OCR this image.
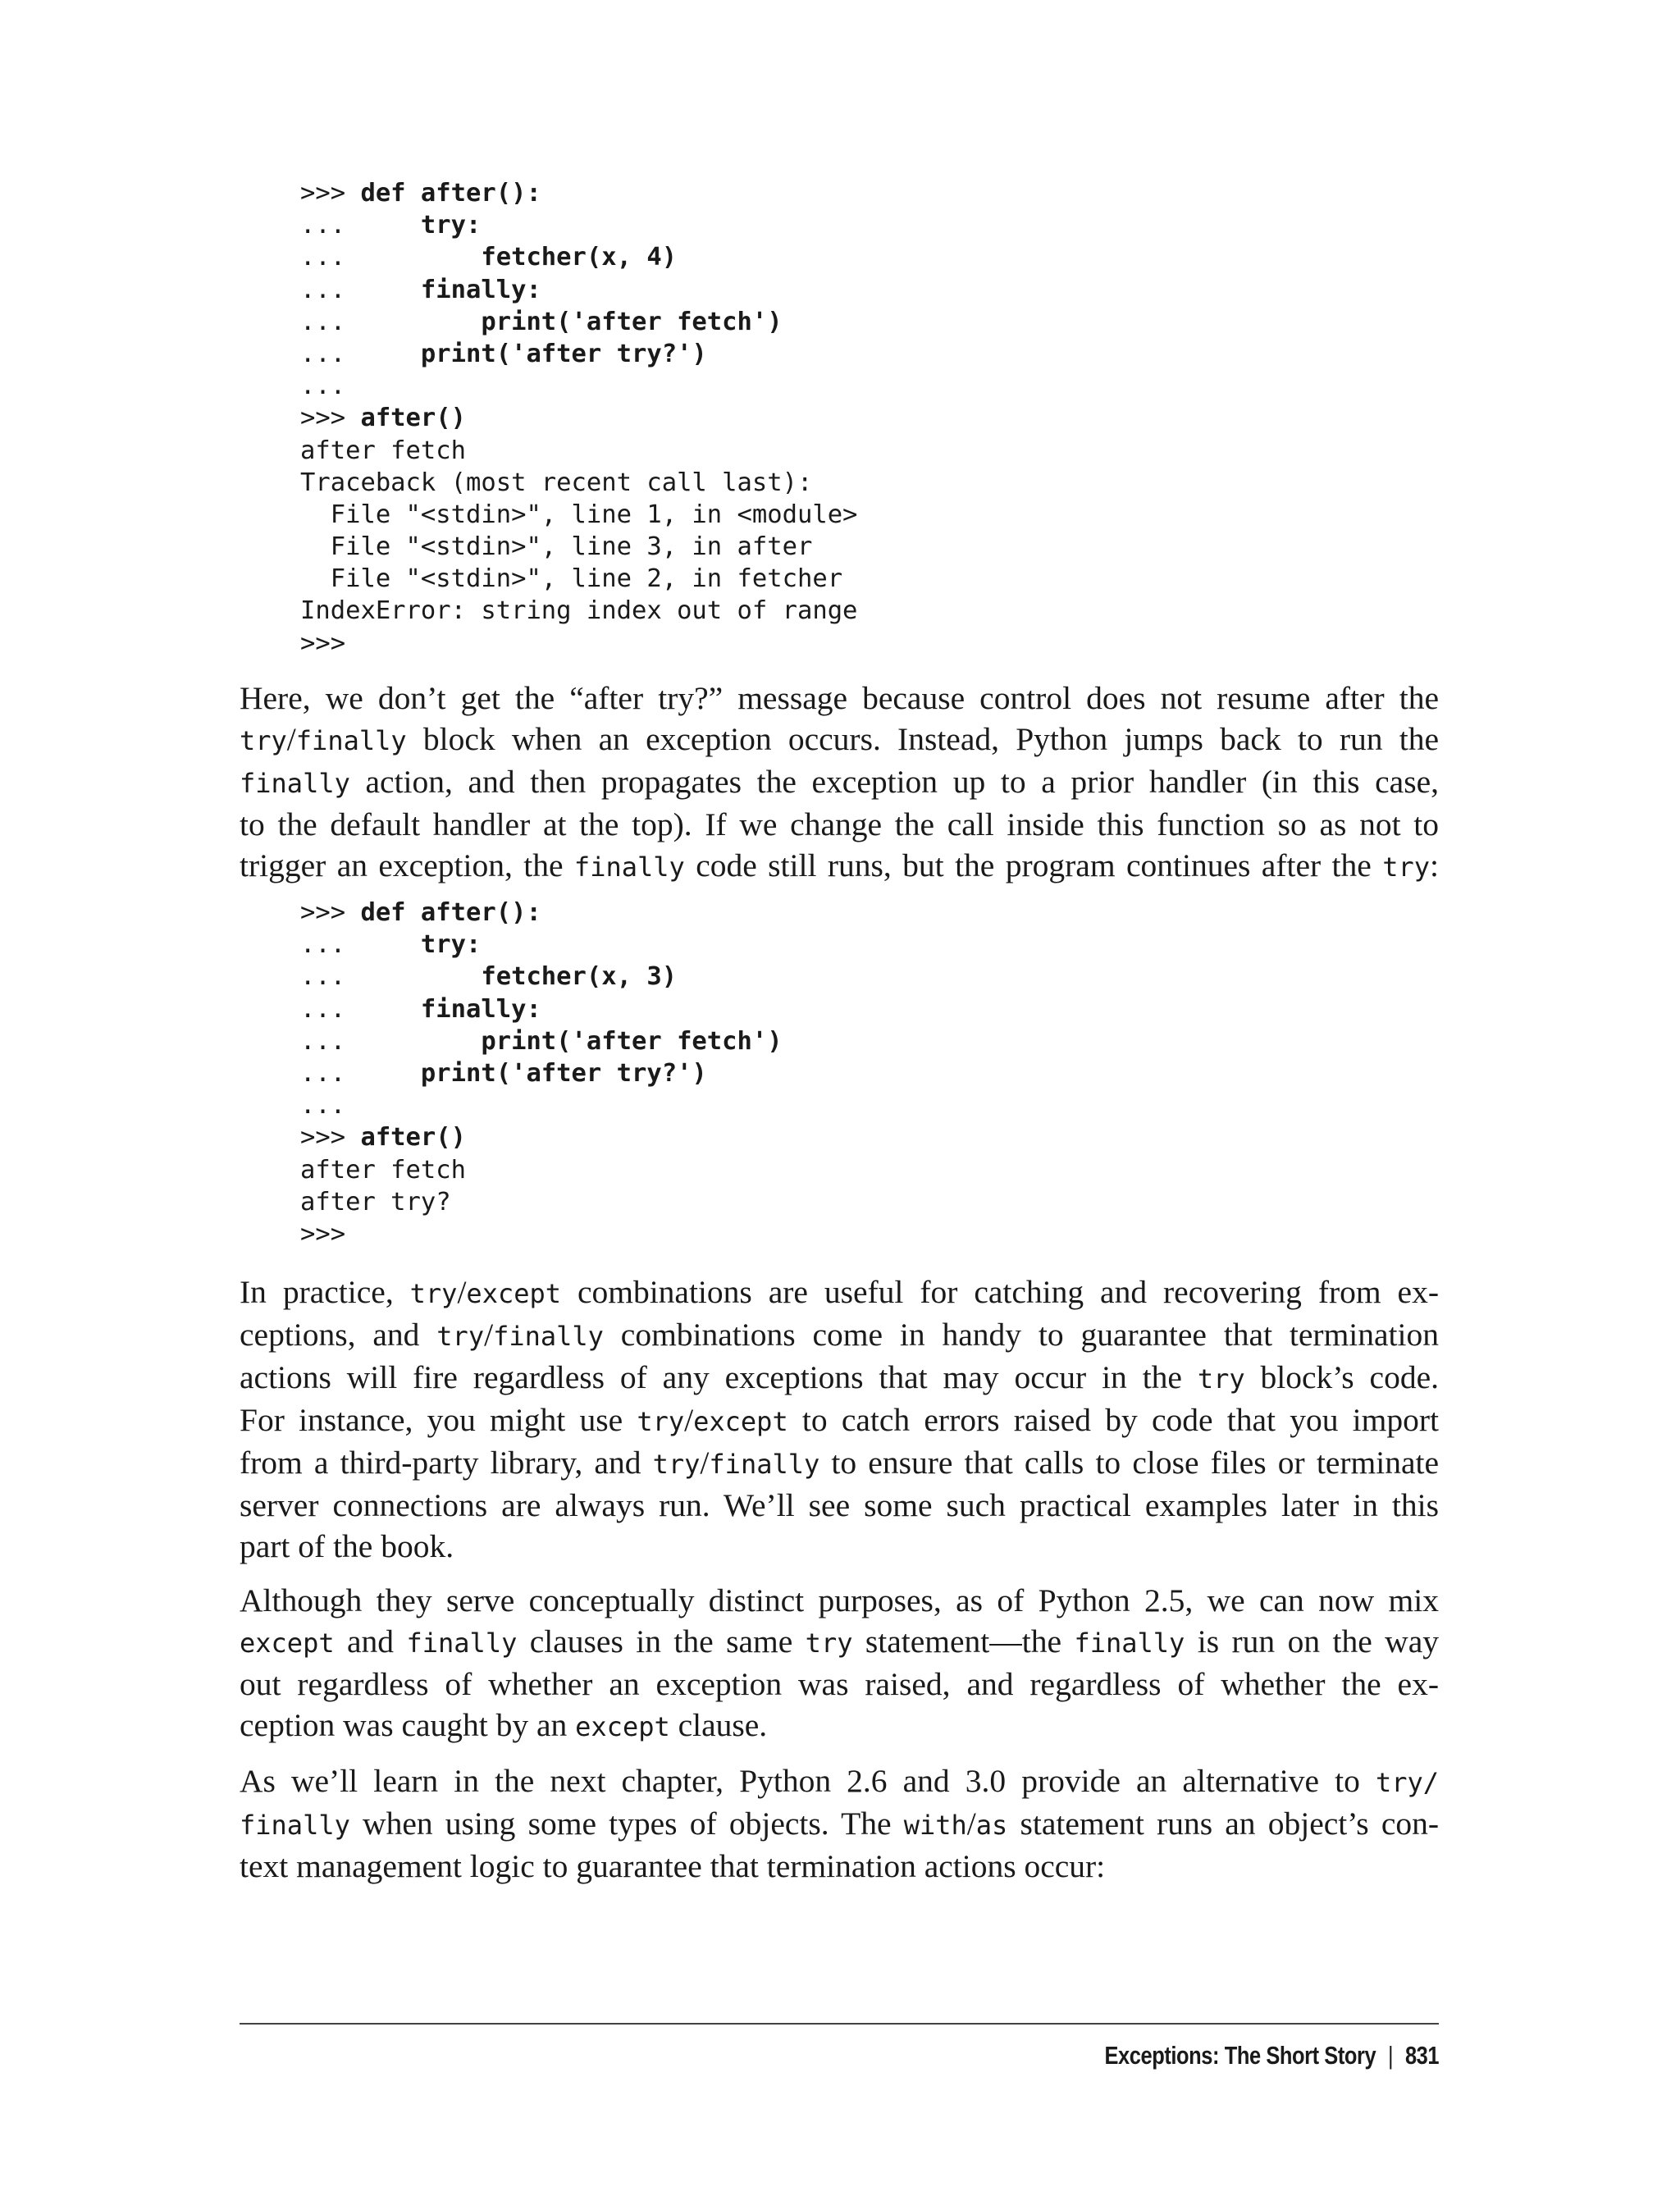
>>> def after():
...     try:
...         fetcher(x, 4)
...     finally:
...         print('after fetch')
...     print('after try?')
...
>>> after()
after fetch
Traceback (most recent call last):
File "<stdin>", line 1, in <module>
File "<stdin>", line 3, in after
File "<stdin>", line 2, in fetcher
IndexError: string index out of range
>>>

Here, we don’t get the “after try?” message because control does not resume after the
try/finally block when an exception occurs. Instead, Python jumps back to run the
finally action, and then propagates the exception up to a prior handler (in this case,
to the default handler at the top). If we change the call inside this function so as not to
trigger an exception, the finally code still runs, but the program continues after the try:

>>> def after():
...     try:
...         fetcher(x, 3)
...     finally:
...         print('after fetch')
...     print('after try?')
...
>>> after()
after fetch
after try?
>>>

In practice, try/except combinations are useful for catching and recovering from ex-
ceptions, and try/finally combinations come in handy to guarantee that termination
actions will fire regardless of any exceptions that may occur in the try block’s code.
For instance, you might use try/except to catch errors raised by code that you import
from a third-party library, and try/finally to ensure that calls to close files or terminate
server connections are always run. We’ll see some such practical examples later in this
part of the book.

Although they serve conceptually distinct purposes, as of Python 2.5, we can now mix
except and finally clauses in the same try statement—the finally is run on the way
out regardless of whether an exception was raised, and regardless of whether the ex-
ception was caught by an except clause.

As we’ll learn in the next chapter, Python 2.6 and 3.0 provide an alternative to try/
finally when using some types of objects. The with/as statement runs an object’s con-
text management logic to guarantee that termination actions occur:

Exceptions: The Short Story | 831
